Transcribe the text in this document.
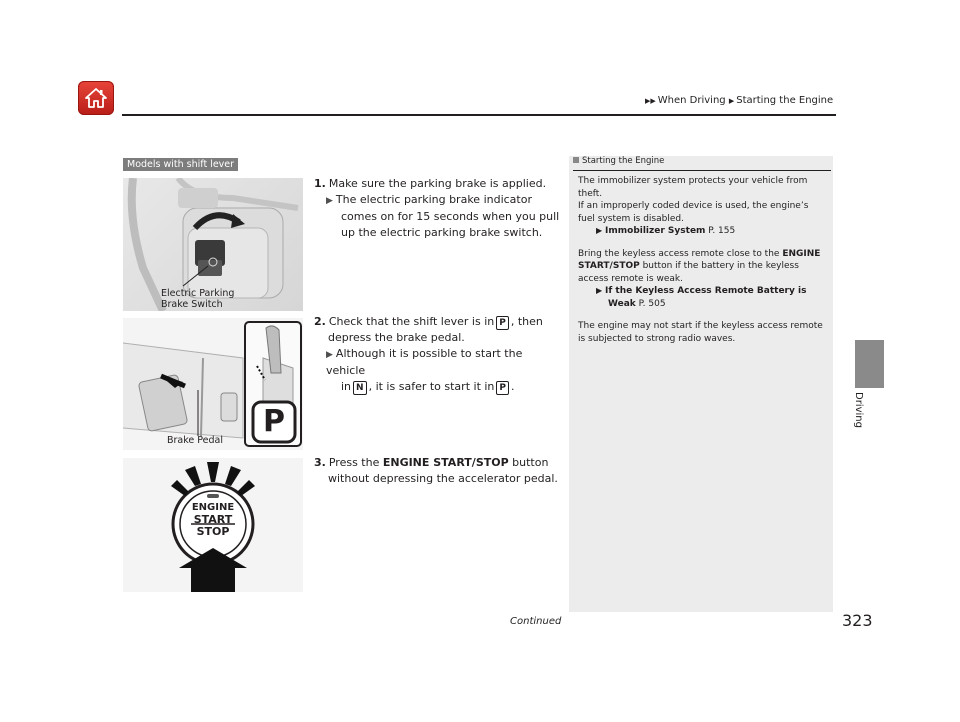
▶▶ When Driving ▶ Starting the Engine
Driving
Models with shift lever
Electric Parking
Brake Switch
P
Brake Pedal
ENGINE
START
STOP
1. Make sure the parking brake is applied.
▶ The electric parking brake indicator
comes on for 15 seconds when you pull
up the electric parking brake switch.
2. Check that the shift lever is in P , then
depress the brake pedal.
▶ Although it is possible to start the vehicle
in N , it is safer to start it in P .
3. Press the ENGINE START/STOP button
without depressing the accelerator pedal.
Starting the Engine

The immobilizer system protects your vehicle from

theft.

If an improperly coded device is used, the engine’s

fuel system is disabled.

▶ Immobilizer System P. 155

Bring the keyless access remote close to the ENGINE

START/STOP button if the battery in the keyless

access remote is weak.

▶ If the Keyless Access Remote Battery is

Weak P. 505

The engine may not start if the keyless access remote

is subjected to strong radio waves.

Continued	323
